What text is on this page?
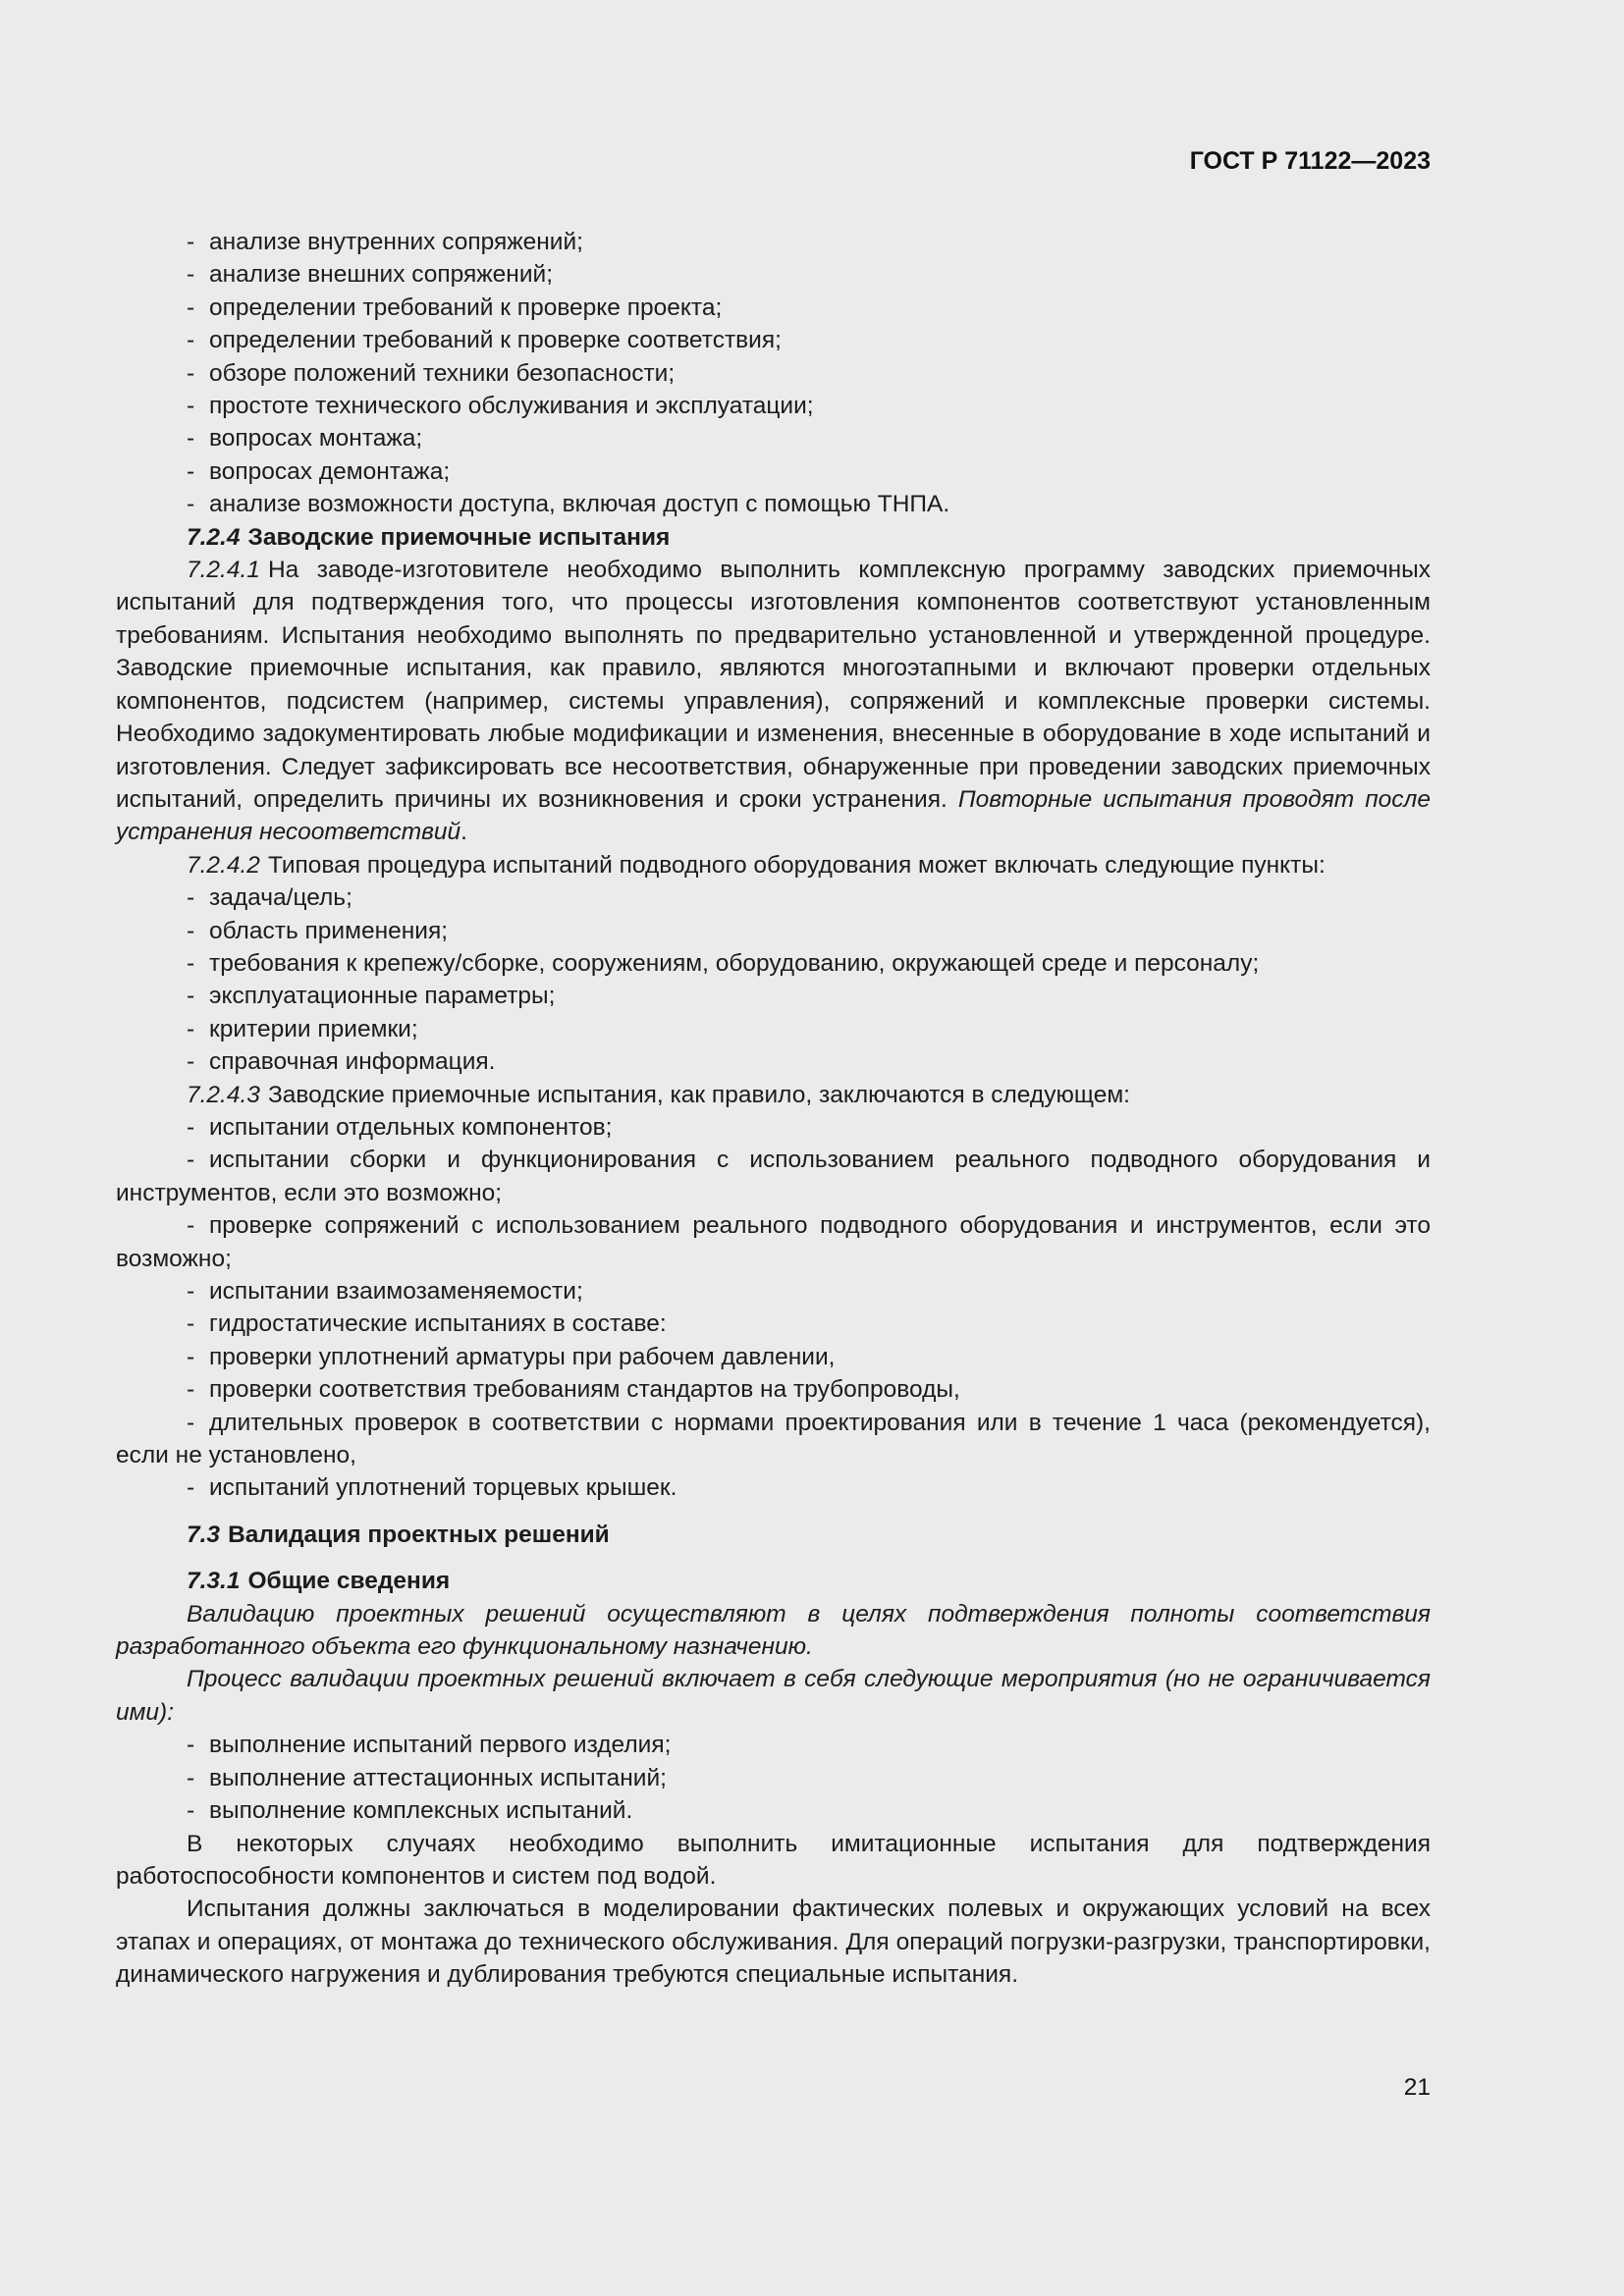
ГОСТ Р 71122—2023

- анализе внутренних сопряжений;

- анализе внешних сопряжений;

- определении требований к проверке проекта;

- определении требований к проверке соответствия;

- обзоре положений техники безопасности;

- простоте технического обслуживания и эксплуатации;

- вопросах монтажа;

- вопросах демонтажа;

- анализе возможности доступа, включая доступ с помощью ТНПА.

7.2.4 Заводские приемочные испытания

7.2.4.1 На заводе-изготовителе необходимо выполнить комплексную программу заводских приемочных испытаний для подтверждения того, что процессы изготовления компонентов соответствуют установленным требованиям. Испытания необходимо выполнять по предварительно установленной и утвержденной процедуре. Заводские приемочные испытания, как правило, являются многоэтапными и включают проверки отдельных компонентов, подсистем (например, системы управления), сопряжений и комплексные проверки системы. Необходимо задокументировать любые модификации и изменения, внесенные в оборудование в ходе испытаний и изготовления. Следует зафиксировать все несоответствия, обнаруженные при проведении заводских приемочных испытаний, определить причины их возникновения и сроки устранения. Повторные испытания проводят после устранения несоответствий.

7.2.4.2 Типовая процедура испытаний подводного оборудования может включать следующие пункты:

- задача/цель;

- область применения;

- требования к крепежу/сборке, сооружениям, оборудованию, окружающей среде и персоналу;

- эксплуатационные параметры;

- критерии приемки;

- справочная информация.

7.2.4.3 Заводские приемочные испытания, как правило, заключаются в следующем:

- испытании отдельных компонентов;

- испытании сборки и функционирования с использованием реального подводного оборудования и инструментов, если это возможно;

- проверке сопряжений с использованием реального подводного оборудования и инструментов, если это возможно;

- испытании взаимозаменяемости;

- гидростатические испытаниях в составе:

- проверки уплотнений арматуры при рабочем давлении,

- проверки соответствия требованиям стандартов на трубопроводы,

- длительных проверок в соответствии с нормами проектирования или в течение 1 часа (рекомендуется), если не установлено,

- испытаний уплотнений торцевых крышек.

7.3 Валидация проектных решений

7.3.1 Общие сведения

Валидацию проектных решений осуществляют в целях подтверждения полноты соответствия разработанного объекта его функциональному назначению.

Процесс валидации проектных решений включает в себя следующие мероприятия (но не ограничивается ими):

- выполнение испытаний первого изделия;

- выполнение аттестационных испытаний;

- выполнение комплексных испытаний.

В некоторых случаях необходимо выполнить имитационные испытания для подтверждения работоспособности компонентов и систем под водой.

Испытания должны заключаться в моделировании фактических полевых и окружающих условий на всех этапах и операциях, от монтажа до технического обслуживания. Для операций погрузки-разгрузки, транспортировки, динамического нагружения и дублирования требуются специальные испытания.

21
